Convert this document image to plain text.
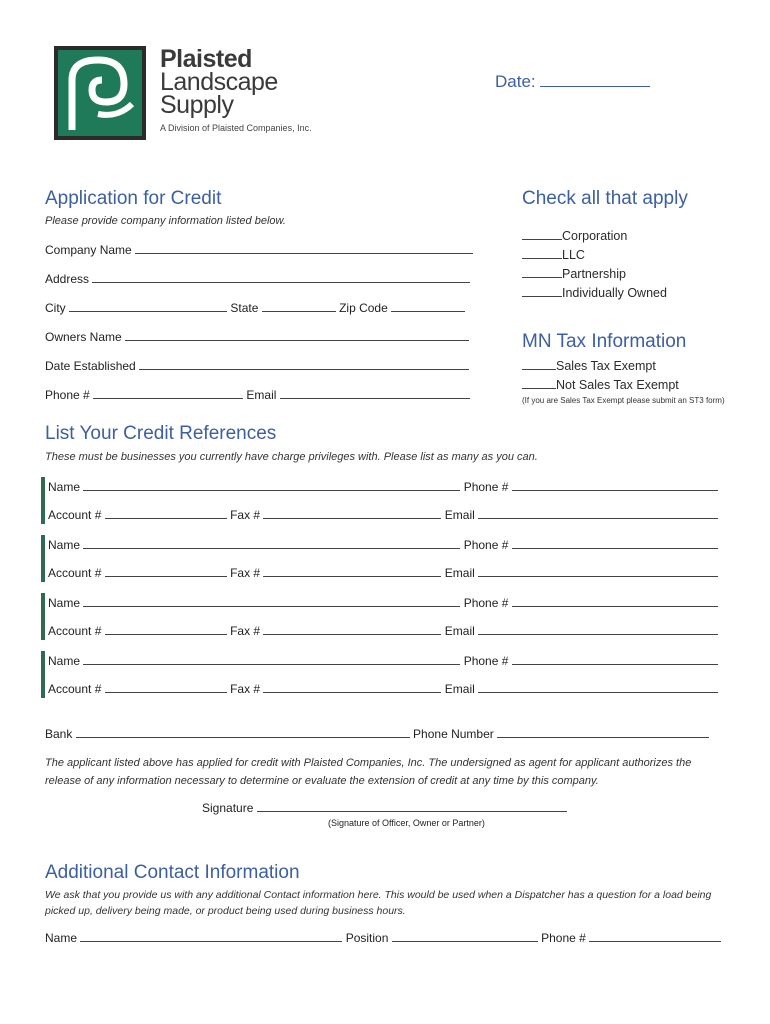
Plaisted
Landscape
Supply
A Division of Plaisted Companies, Inc.
Date:
Application for Credit
Please provide company information listed below.
Company Name
Address
City	State	Zip Code
Owners Name
Date Established
Phone #	Email
Check all that apply
Corporation
LLC
Partnership
Individually Owned
MN Tax Information
Sales Tax Exempt
Not Sales Tax Exempt
(If you are Sales Tax Exempt please submit an ST3 form)
List Your Credit References
These must be businesses you currently have charge privileges with. Please list as many as you can.
Name	Phone #
Account #	Fax #	Email
Name	Phone #
Account #	Fax #	Email
Name	Phone #
Account #	Fax #	Email
Name	Phone #
Account #	Fax #	Email
Bank	Phone Number
The applicant listed above has applied for credit with Plaisted Companies, Inc. The undersigned as agent for applicant authorizes the release of any information necessary to determine or evaluate the extension of credit at any time by this company.
Signature
(Signature of Officer, Owner or Partner)
Additional Contact Information
We ask that you provide us with any additional Contact information here. This would be used when a Dispatcher has a question for a load being picked up, delivery being made, or product being used during business hours.
Name	Position	Phone #
